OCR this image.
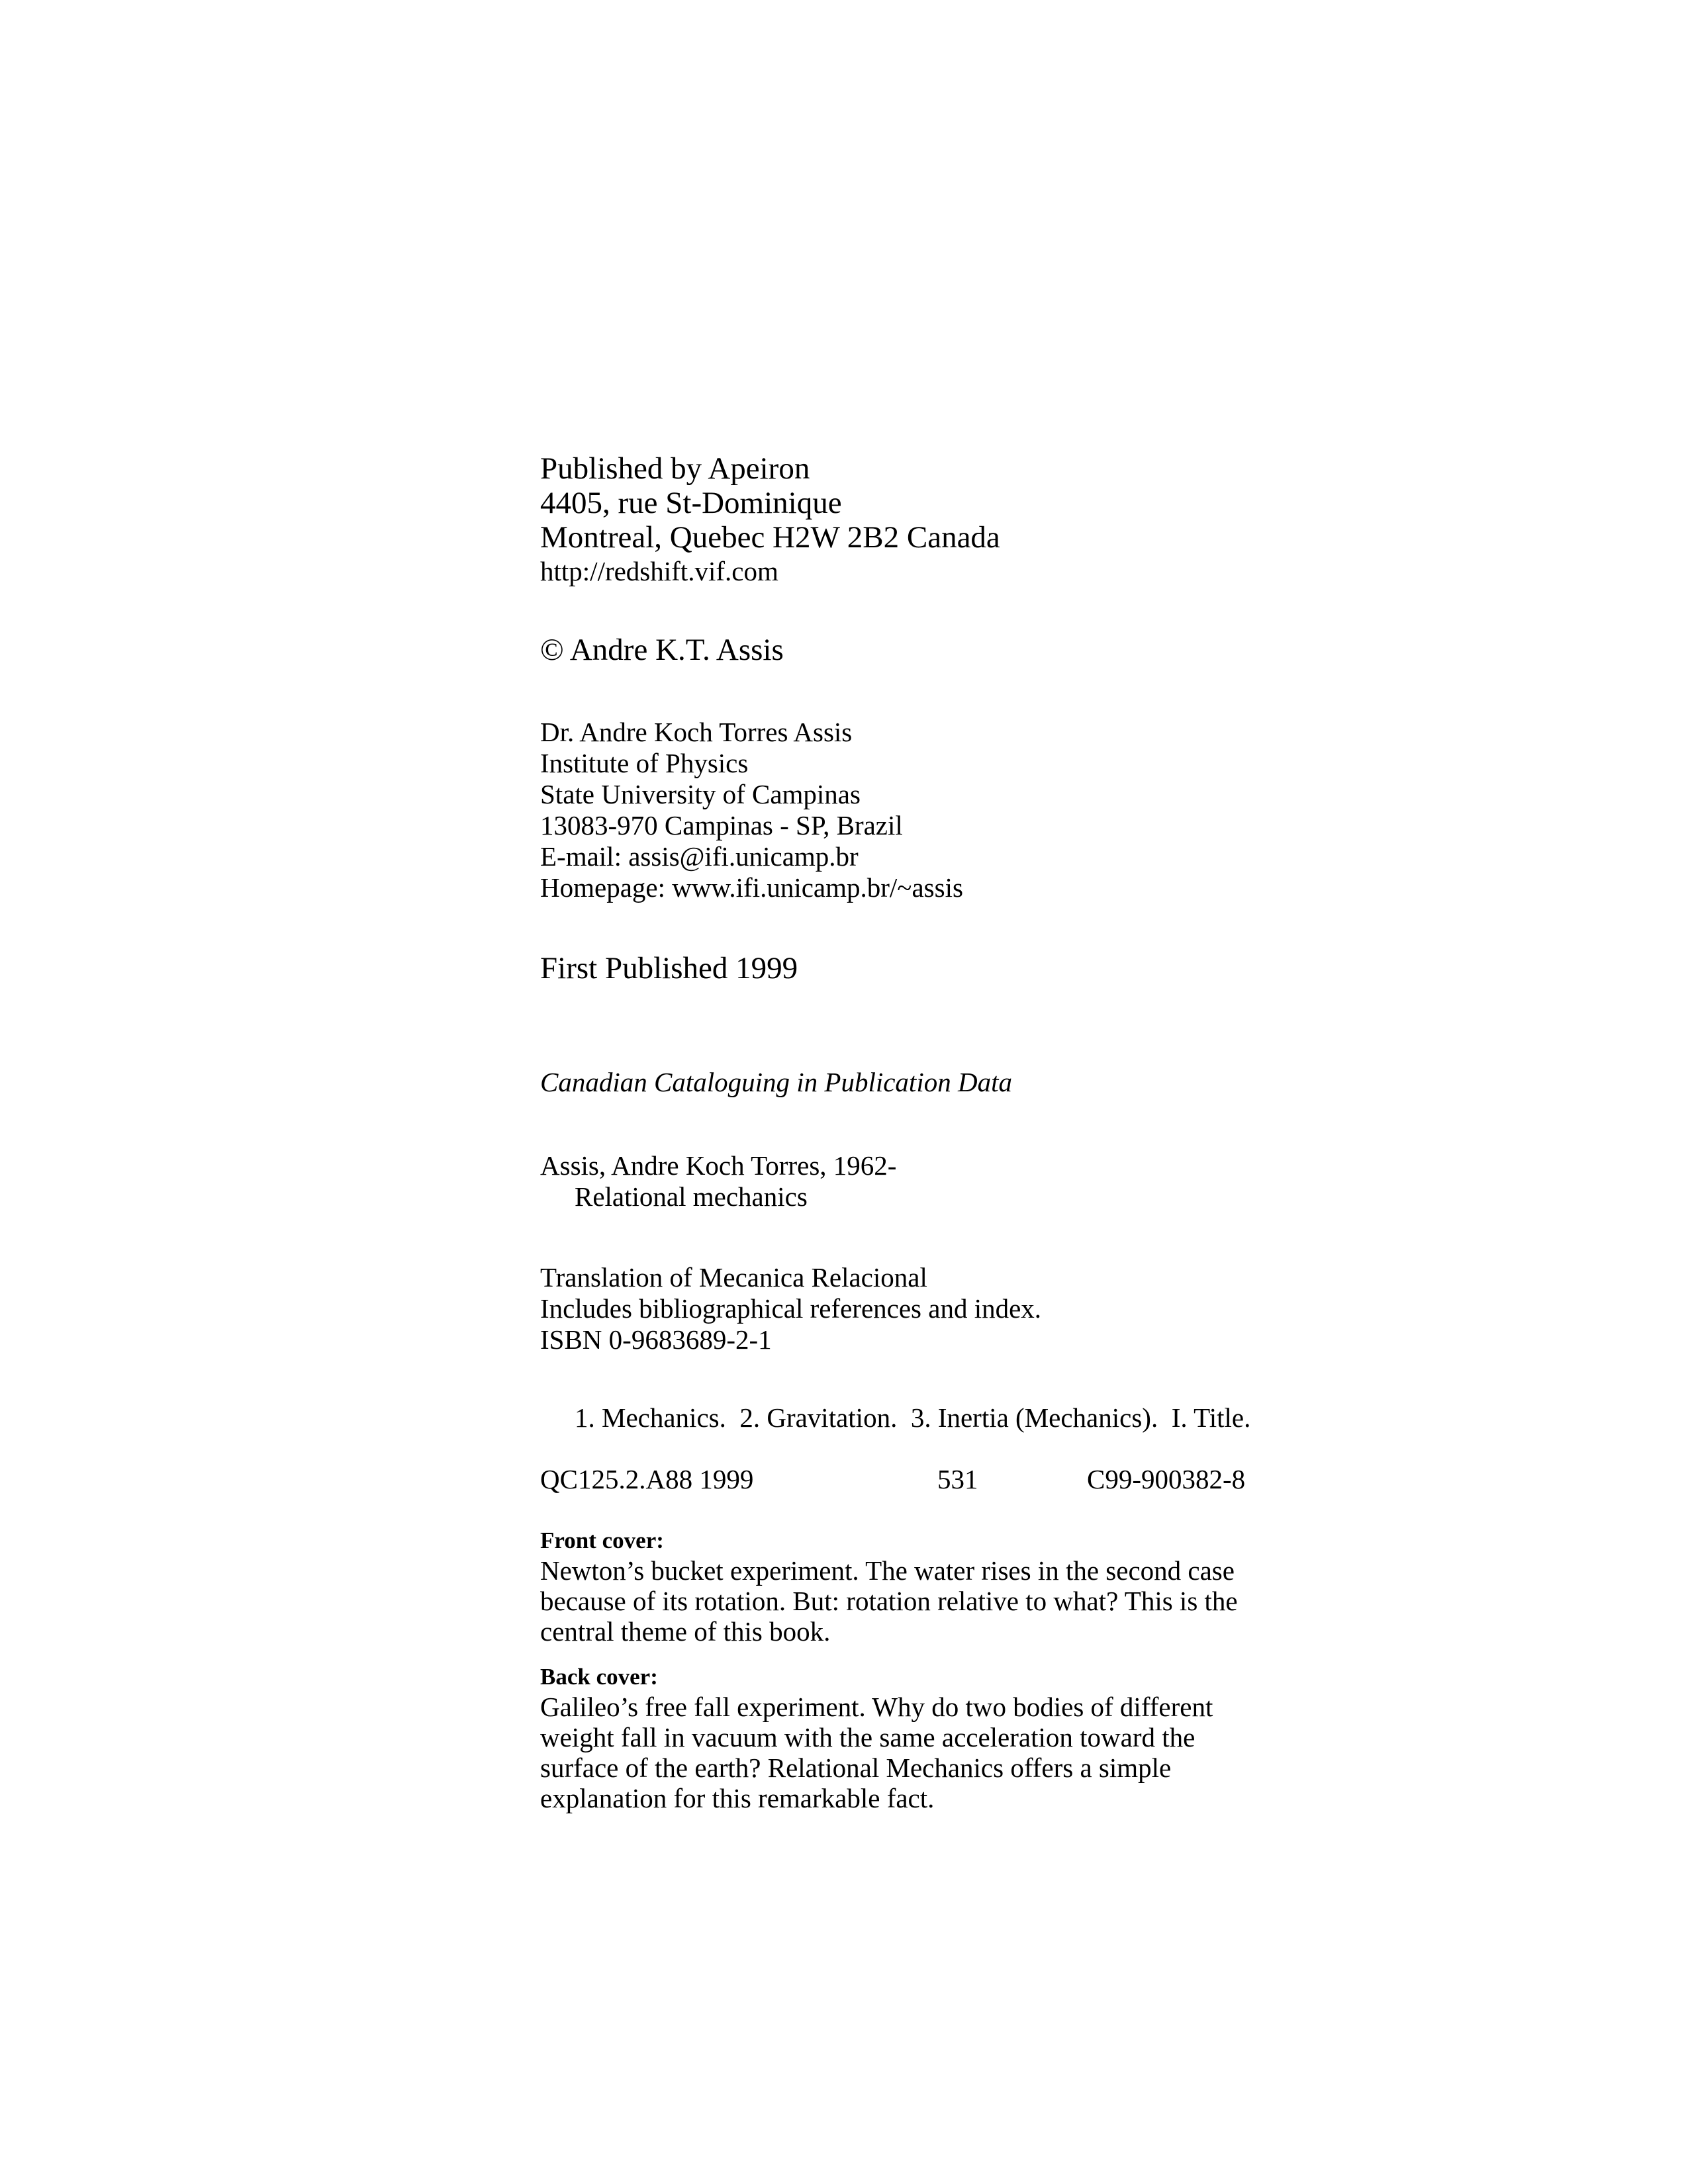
Published by Apeiron
4405, rue St-Dominique
Montreal, Quebec H2W 2B2 Canada
http://redshift.vif.com
© Andre K.T. Assis
Dr. Andre Koch Torres Assis
Institute of Physics
State University of Campinas
13083-970 Campinas - SP, Brazil
E-mail: assis@ifi.unicamp.br
Homepage: www.ifi.unicamp.br/~assis
First Published 1999
Canadian Cataloguing in Publication Data
Assis, Andre Koch Torres, 1962-
Relational mechanics
Translation of Mecanica Relacional
Includes bibliographical references and index.
ISBN 0-9683689-2-1
1. Mechanics.  2. Gravitation.  3. Inertia (Mechanics).  I. Title.
QC125.2.A88 1999	531	C99-900382-8
Front cover:
Newton’s bucket experiment. The water rises in the second case because of its rotation. But: rotation relative to what? This is the central theme of this book.
Back cover:
Galileo’s free fall experiment. Why do two bodies of different weight fall in vacuum with the same acceleration toward the surface of the earth? Relational Mechanics offers a simple explanation for this remarkable fact.
